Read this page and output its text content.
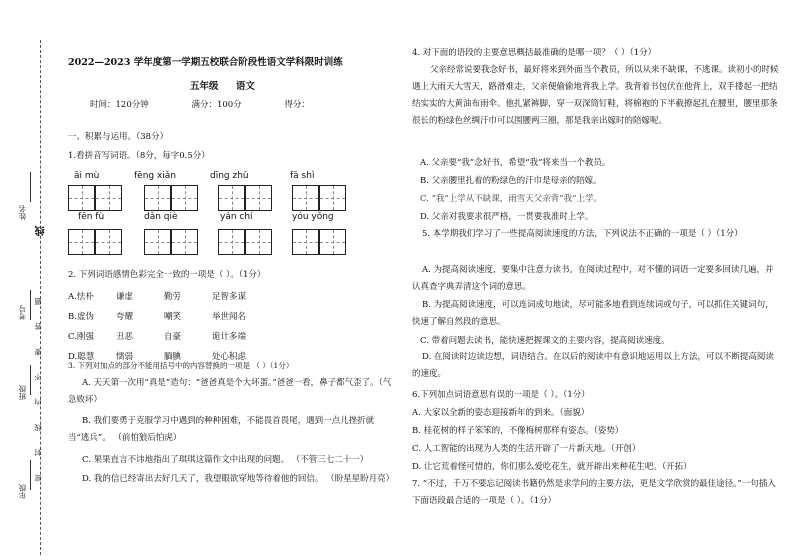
姓名
线
考号
班级
年级
密 封 线 内 不 要 答 题
2022—2023 学年度第一学期五校联合阶段性语文学科限时训练
五年级 语文
时间：120分钟	满分：100分	得分：
一、积累与运用。（38分）
1.看拼音写词语。（8分，每字0.5分）
āi mù	fēng xiǎn	dīng zhǔ	fā shì
fēn fù	dǎn qiè	yán chí	yóu yǒng
2. 下列词语感情色彩完全一致的一项是（ ）。（1分）
A.怯朴	谦虚	勤劳	足智多谋
B.虚伪	夸耀	嘲笑	举世闻名
C.刚强	丑恶	自豪	诡计多端
D.聪慧	懦弱	腼腆	处心积虑
3. 下列对加点的部分不能用括号中的内容替换的一项是 （ ）（1分）
A. 天天第一次用“真是”造句：“爸爸真是个大坏蛋。”爸爸一看，鼻子都气歪了。（气急败坏）
B. 我们要勇于克服学习中遇到的种种困难，不能畏首畏尾，遇到一点儿挫折就当“逃兵”。 （前怕狼后怕虎）
C. 果果直言不讳地指出了琪琪这篇作文中出现的问题。 （不管三七二十一）
D. 我的信已经寄出去好几天了，我望眼欲穿地等待着他的回信。 （盼星星盼月亮）
4. 对下面的语段的主要意思概括最准确的是哪一项？（ ）（1分）
父亲经常说要我念好书，最好将来到外面当个教员，所以从来不缺课，不逃课。读初小的时候遇上大雨天大雪天，路滑难走，父亲便偷偷地背我上学。我背着书包伏在他背上，双手搂起一把结结实实的大黄油布雨伞。他扎紧裤脚，穿一双深筒钉鞋，将棉袍的下半截撩起扎在腰里，腰里那条很长的粉绿色丝绸汗巾可以围腰两三圈，那是我亲出嫁时的陪嫁呢。
A. 父亲要“我”念好书，希望“我”将来当一个教员。
B. 父亲腰里扎着的粉绿色的汗巾是母亲的陪嫁。
C. “我”上学从不缺课，雨雪天父亲背“我”上学。
D. 父亲对我要求很严格，一贯要我准时上学。
5. 本学期我们学习了一些提高阅读速度的方法，下列说法不正确的一项是（ ）（1分）
A. 为提高阅读速度，要集中注意力读书。在阅读过程中，对不懂的词语一定要多回读几遍，并认真查字典弄清这个词的意思。
B. 为提高阅读速度，可以连词成句地读，尽可能多地看到连续词或句子，可以抓住关键词句，快速了解自然段的意思。
C. 带着问题去读书，能快速把握课文的主要内容，提高阅读速度。
D. 在阅读时边读边想，词语结合。在以后的阅读中有意识地运用以上方法，可以不断提高阅读的速度。
6.下列加点词语意思有误的一项是（ ）。（1分）
A. 大家以全新的姿态迎接新年的到来。（面貌）
B. 桂花树的样子笨笨的，不像梅树那样有姿态。（姿势）
C. 人工智能的出现为人类的生活开辟了一片新天地。（开创）
D. 让它荒着怪可惜的，你们那么爱吃花生，就开辟出来种花生吧。（开拓）
7. “不过，千万不要忘记阅读书籍仍然是求学问的主要方法，更是文学欣赏的最佳途径。”一句插入下面语段最合适的一项是（ ）。（1分）
